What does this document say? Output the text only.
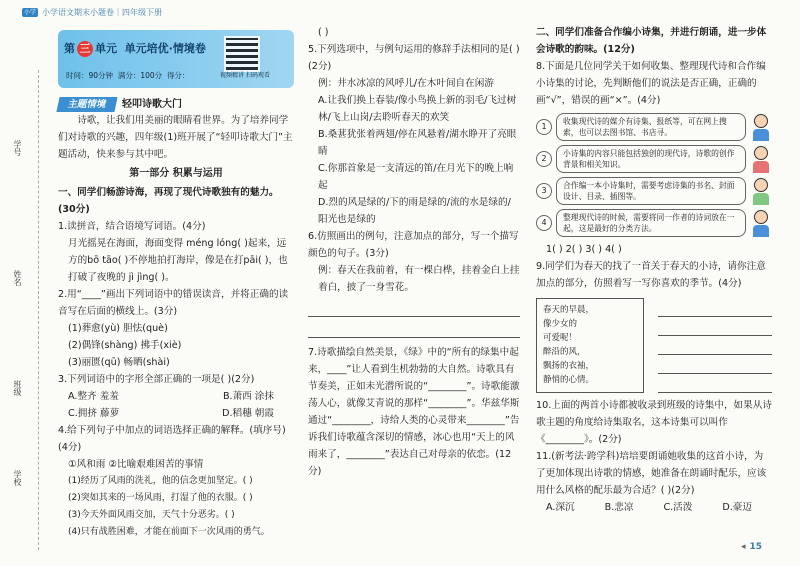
小学 小学语文期末小题卷｜四年级下册
学号
姓名
班级
学校
第 三 单元 单元培优·情境卷
时间：90分钟 满分：100分 得分：	视频精讲 扫码观看
主题情境	轻叩诗歌大门

诗歌，让我们用美丽的眼睛看世界。为了培养同学们对诗歌的兴趣，四年级(1)班开展了“轻叩诗歌大门”主题活动，快来参与其中吧。

第一部分 积累与运用

一、同学们畅游诗海，再现了现代诗歌独有的魅力。(30分)

1.读拼音，结合语境写词语。(4分)

月光摇晃在海面，海面变得 méng lóng( )起来，远方的bō tāo( )不停地拍打海岸，像是在打pāi( )，也打破了夜晚的 jì jìng( )。

2.用“____”画出下列词语中的错误读音，并将正确的读音写在后面的横线上。(3分)

(1)葬愈(yù) 胆怯(què)

(2)偶锋(shàng) 拂手(xiè)

(3)丽匮(qū) 畅晒(shài)

3.下列词语中的字形全部正确的一项是( )(2分)

A.整齐 羞羞	B.萧西 涂抹
C.拥挤 藤萝	D.稻穗 朝霞

4.给下列句子中加点的词语选择正确的解释。(填序号)(4分)

①风和雨 ②比喻艰难困苦的事情

(1)经历了风雨的洗礼，他的信念更加坚定。( )

(2)突如其来的一场风雨，打湿了他的衣服。( )

(3)今天外面风雨交加，天气十分恶劣。( )

(4)只有战胜困难，才能在前面下一次风雨的勇气。

( )

5.下列选项中，与例句运用的修辞手法相同的是( )(2分)

例：井水冰凉的风呼儿/在木叶间自在闲游

A.让我们换上春装/像小鸟换上新的羽毛/飞过树林/飞上山岗/去聆听春天的欢笑

B.桑葚犹张着两翅/停在风悬着/湖水睁开了亮眼睛

C.你那首象是一支清远的笛/在月光下的晚上响起

D.烈的风是绿的/下的雨是绿的/流的水是绿的/阳光也是绿的

6.仿照画出的例句，注意加点的部分，写一个描写颜色的句子。(3分)

例：春天在我前着，有一棵白桦，挂着金白上挂着白，披了一身雪花。

7.诗歌描绘自然美景，《绿》中的“所有的绿集中起来，____”让人看到生机勃勃的大自然。诗歌具有节奏美，正如未光潜所说的“________”。诗歌能激荡人心，就像艾青说的那样“________”。华兹华斯通过“________，诗给人类的心灵带来________”告诉我们诗歌蕴含深切的情感，冰心也用“天上的风雨来了，________”表达自己对母亲的依恋。(12分)

二、同学们准备合作编小诗集，并进行朗诵，进一步体会诗歌的韵味。(12分)

8.下面是几位同学关于如何收集、整理现代诗和合作编小诗集的讨论，先判断他们的说法是否正确，正确的画“√”，错误的画“×”。(4分)

1
收集现代诗的媒介有诗集、报纸等，可在网上搜索，也可以去图书馆、书店寻。
2
小诗集的内容只能包括独创的现代诗，诗歌的创作背景和相关知识。
3
合作编一本小诗集时，需要考虑诗集的书名、封面设计、目录、插图等。
4
整理现代诗的时候，需要将同一作者的诗词放在一起，这是最好的分类方法。

1( ) 2( ) 3( ) 4( )

9.同学们为春天的找了一首关于春天的小诗，请你注意加点的部分，仿照着写一写你喜欢的季节。(4分)

春天的早晨，
像少女的
可爱呢！
醉沿的风，
飘扬的衣袖，
静悄的心情。

10.上面的两首小诗都被收录到班级的诗集中，如果从诗歌主题的角度给诗集取名，这本诗集可以叫作《________》。(2分)

11.(新考法·跨学科)培培要朗诵她收集的这首小诗，为了更加体现出诗歌的情感，她准备在朗诵时配乐，应该用什么风格的配乐最为合适？( )(2分)

A.深沉	B.悲凉	C.活泼	D.豪迈
◂ 15
